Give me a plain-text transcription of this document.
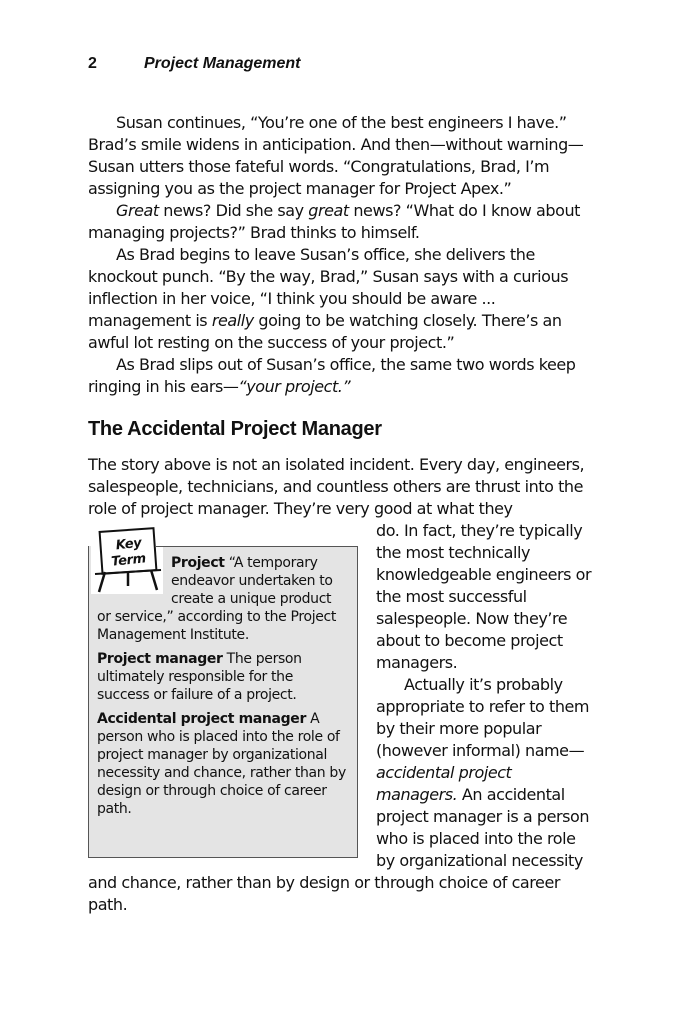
2	Project Management

Susan continues, “You’re one of the best engineers I have.” Brad’s smile widens in anticipation. And then—without warning—Susan utters those fateful words. “Congratulations, Brad, I’m assigning you as the project manager for Project Apex.”

Great news? Did she say great news? “What do I know about managing projects?” Brad thinks to himself.

As Brad begins to leave Susan’s office, she delivers the knockout punch. “By the way, Brad,” Susan says with a curious inflection in her voice, “I think you should be aware ... management is really going to be watching closely. There’s an awful lot resting on the success of your project.”

As Brad slips out of Susan’s office, the same two words keep ringing in his ears—“your project.”

The Accidental Project Manager

The story above is not an isolated incident. Every day, engineers, salespeople, technicians, and countless others are thrust into the role of project manager. They’re very good at what they

Key
Term	Project “A temporary endeavor undertaken to create a unique product or service,” according to the Project Management Institute.
Project manager The person ultimately responsible for the success or failure of a project.
Accidental project manager A person who is placed into the role of project manager by organizational necessity and chance, rather than by design or through choice of career path.

do. In fact, they’re typically the most technically knowledgeable engineers or the most successful salespeople. Now they’re about to become project managers.

Actually it’s probably appropriate to refer to them by their more popular (however informal) name—accidental project managers. An accidental project manager is a person who is placed into the role by organizational necessity and chance, rather than by design or through choice of career path.
